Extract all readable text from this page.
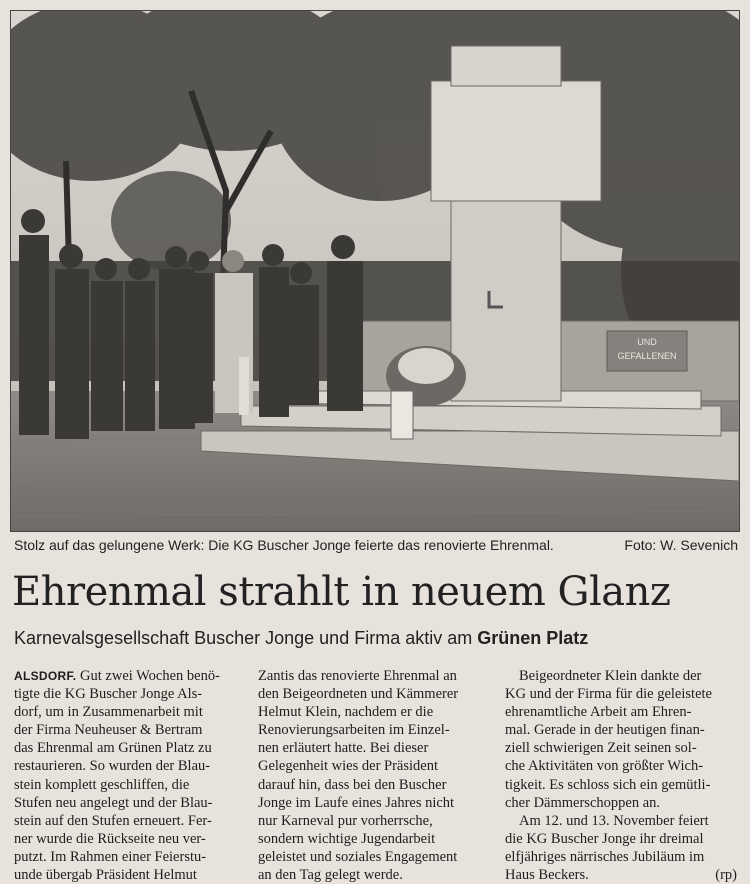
UND
GEFALLENEN
Stolz auf das gelungene Werk: Die KG Buscher Jonge feierte das renovierte Ehrenmal.	Foto: W. Sevenich
Ehrenmal strahlt in neuem Glanz
Karnevalsgesellschaft Buscher Jonge und Firma aktiv am Grünen Platz
ALSDORF. Gut zwei Wochen benö-
tigte die KG Buscher Jonge Als-
dorf, um in Zusammenarbeit mit
der Firma Neuheuser & Bertram
das Ehrenmal am Grünen Platz zu
restaurieren. So wurden der Blau-
stein komplett geschliffen, die
Stufen neu angelegt und der Blau-
stein auf den Stufen erneuert. Fer-
ner wurde die Rückseite neu ver-
putzt. Im Rahmen einer Feierstu-
unde übergab Präsident Helmut
Zantis das renovierte Ehrenmal an
den Beigeordneten und Kämmerer
Helmut Klein, nachdem er die
Renovierungsarbeiten im Einzel-
nen erläutert hatte. Bei dieser
Gelegenheit wies der Präsident
darauf hin, dass bei den Buscher
Jonge im Laufe eines Jahres nicht
nur Karneval pur vorherrsche,
sondern wichtige Jugendarbeit
geleistet und soziales Engagement
an den Tag gelegt werde.
Beigeordneter Klein dankte der
KG und der Firma für die geleistete
ehrenamtliche Arbeit am Ehren-
mal. Gerade in der heutigen finan-
ziell schwierigen Zeit seinen sol-
che Aktivitäten von größter Wich-
tigkeit. Es schloss sich ein gemütli-
cher Dämmerschoppen an.
Am 12. und 13. November feiert
die KG Buscher Jonge ihr dreimal
elfjähriges närrisches Jubiläum im
Haus Beckers.	(rp)
